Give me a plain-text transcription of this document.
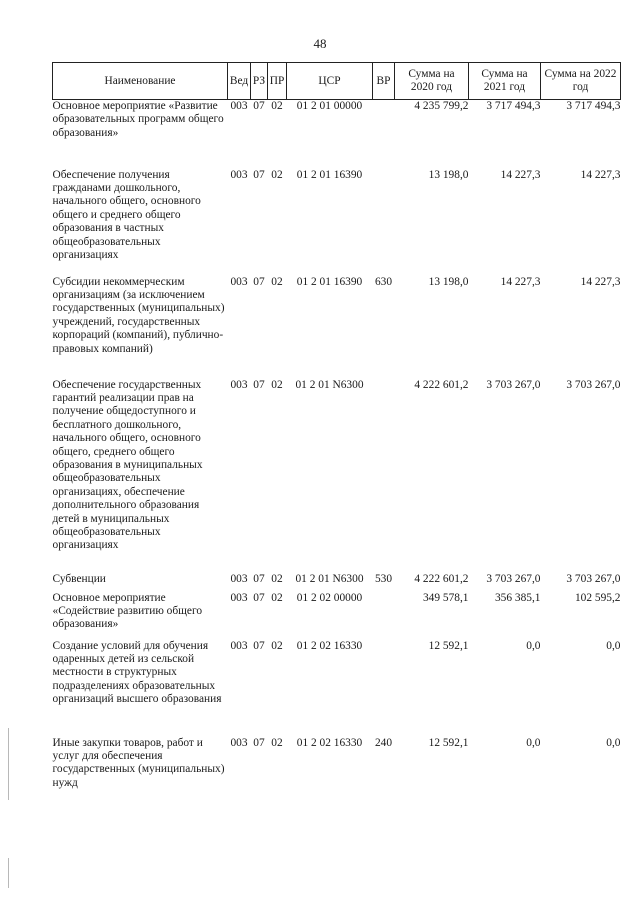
48
Наименование	Вед	РЗ	ПР	ЦСР	ВР	Сумма на 2020 год	Сумма на 2021 год	Сумма на 2022 год
Основное мероприятие «Развитие образовательных программ общего образования»	003	07	02	01 2 01 00000		4 235 799,2	3 717 494,3	3 717 494,3
Обеспечение получения гражданами дошкольного, начального общего, основного общего и среднего общего образования в частных общеобразовательных организациях	003	07	02	01 2 01 16390		13 198,0	14 227,3	14 227,3
Субсидии некоммерческим организациям (за исключением государственных (муниципальных) учреждений, государственных корпораций (компаний), публично-правовых компаний)	003	07	02	01 2 01 16390	630	13 198,0	14 227,3	14 227,3
Обеспечение государственных гарантий реализации прав на получение общедоступного и бесплатного дошкольного, начального общего, основного общего, среднего общего образования в муниципальных общеобразовательных организациях, обеспечение дополнительного образования детей в муниципальных общеобразовательных организациях	003	07	02	01 2 01 N6300		4 222 601,2	3 703 267,0	3 703 267,0
Субвенции	003	07	02	01 2 01 N6300	530	4 222 601,2	3 703 267,0	3 703 267,0
Основное мероприятие «Содействие развитию общего образования»	003	07	02	01 2 02 00000		349 578,1	356 385,1	102 595,2
Создание условий для обучения одаренных детей из сельской местности в структурных подразделениях образовательных организаций высшего образования	003	07	02	01 2 02 16330		12 592,1	0,0	0,0
Иные закупки товаров, работ и услуг для обеспечения государственных (муниципальных) нужд	003	07	02	01 2 02 16330	240	12 592,1	0,0	0,0
